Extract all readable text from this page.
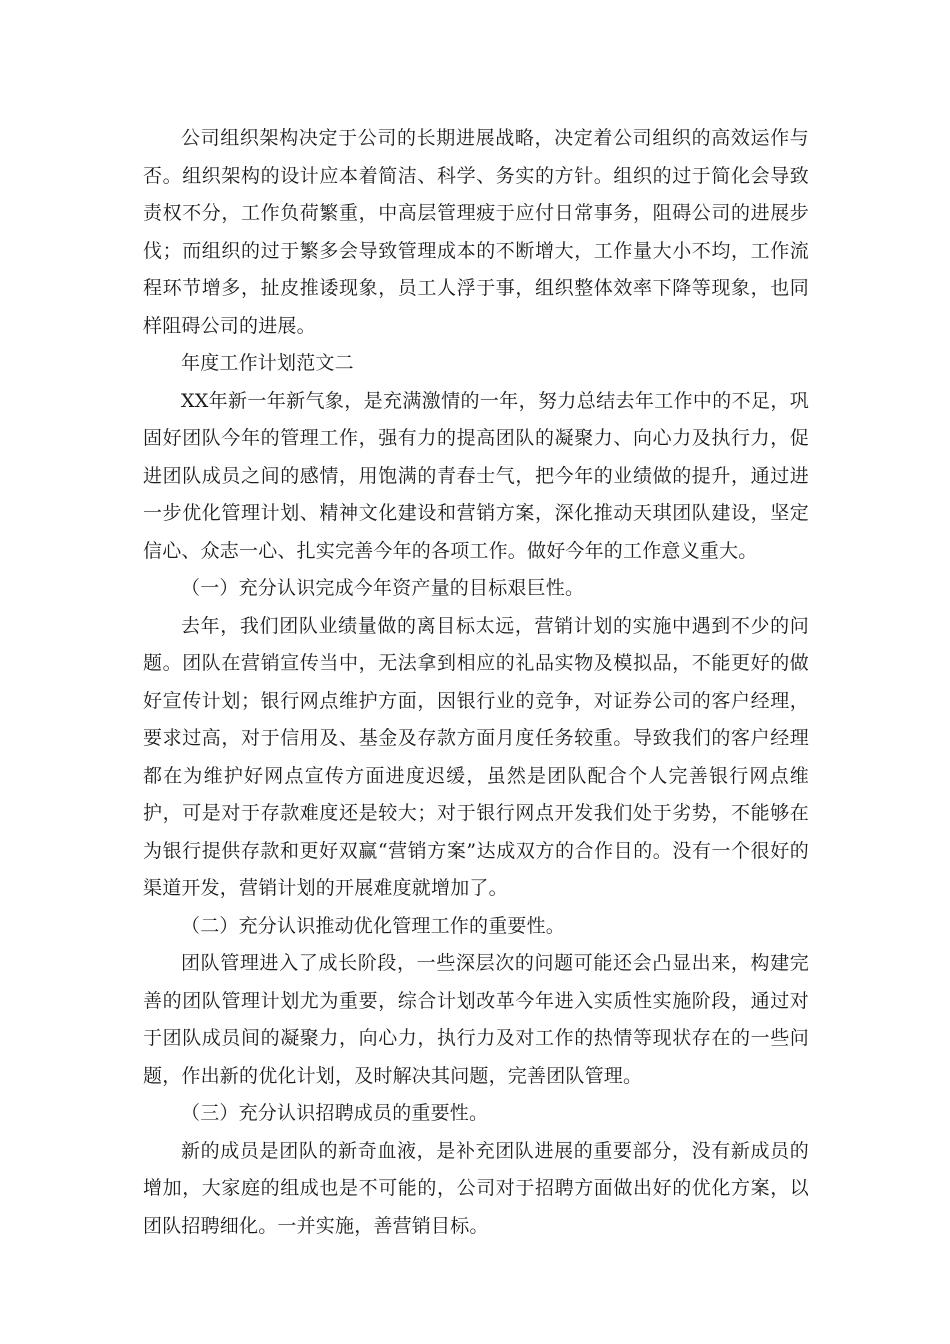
公司组织架构决定于公司的长期进展战略，决定着公司组织的高效运作与否。组织架构的设计应本着简洁、科学、务实的方针。组织的过于简化会导致责权不分，工作负荷繁重，中高层管理疲于应付日常事务，阻碍公司的进展步伐；而组织的过于繁多会导致管理成本的不断增大，工作量大小不均，工作流程环节增多，扯皮推诿现象，员工人浮于事，组织整体效率下降等现象，也同样阻碍公司的进展。

年度工作计划范文二

XX年新一年新气象，是充满激情的一年，努力总结去年工作中的不足，巩固好团队今年的管理工作，强有力的提高团队的凝聚力、向心力及执行力，促进团队成员之间的感情，用饱满的青春士气，把今年的业绩做的提升，通过进一步优化管理计划、精神文化建设和营销方案，深化推动天琪团队建设，坚定信心、众志一心、扎实完善今年的各项工作。做好今年的工作意义重大。

（一）充分认识完成今年资产量的目标艰巨性。

去年，我们团队业绩量做的离目标太远，营销计划的实施中遇到不少的问题。团队在营销宣传当中，无法拿到相应的礼品实物及模拟品，不能更好的做好宣传计划；银行网点维护方面，因银行业的竞争，对证券公司的客户经理，要求过高，对于信用及、基金及存款方面月度任务较重。导致我们的客户经理都在为维护好网点宣传方面进度迟缓，虽然是团队配合个人完善银行网点维护，可是对于存款难度还是较大；对于银行网点开发我们处于劣势，不能够在为银行提供存款和更好双赢“营销方案”达成双方的合作目的。没有一个很好的渠道开发，营销计划的开展难度就增加了。

（二）充分认识推动优化管理工作的重要性。

团队管理进入了成长阶段，一些深层次的问题可能还会凸显出来，构建完善的团队管理计划尤为重要，综合计划改革今年进入实质性实施阶段，通过对于团队成员间的凝聚力，向心力，执行力及对工作的热情等现状存在的一些问题，作出新的优化计划，及时解决其问题，完善团队管理。

（三）充分认识招聘成员的重要性。

新的成员是团队的新奇血液，是补充团队进展的重要部分，没有新成员的增加，大家庭的组成也是不可能的，公司对于招聘方面做出好的优化方案，以团队招聘细化。一并实施，善营销目标。
